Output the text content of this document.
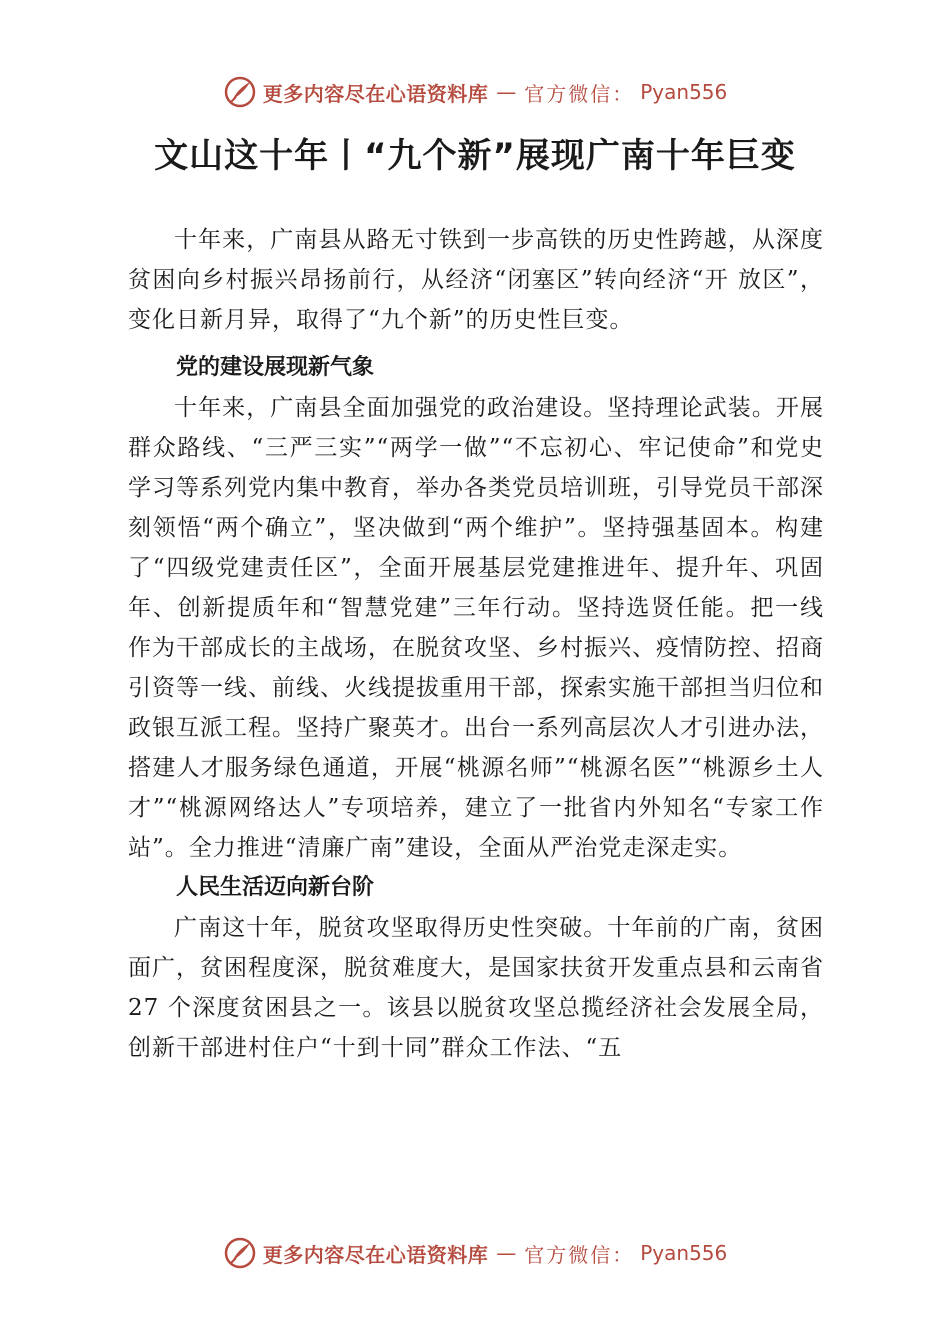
更多内容尽在心语资料库 — 官方微信： Pyan556
文山这十年丨“九个新”展现广南十年巨变

十年来，广南县从路无寸铁到一步高铁的历史性跨越，从深度贫困向乡村振兴昂扬前行，从经济“闭塞区”转向经济“开 放区”，变化日新月异，取得了“九个新”的历史性巨变。

党的建设展现新气象

十年来，广南县全面加强党的政治建设。坚持理论武装。开展群众路线、“三严三实”“两学一做”“不忘初心、牢记使命”和党史学习等系列党内集中教育，举办各类党员培训班，引导党员干部深刻领悟“两个确立”，坚决做到“两个维护”。坚持强基固本。构建了“四级党建责任区”，全面开展基层党建推进年、提升年、巩固年、创新提质年和“智慧党建”三年行动。坚持选贤任能。把一线作为干部成长的主战场，在脱贫攻坚、乡村振兴、疫情防控、招商引资等一线、前线、火线提拔重用干部，探索实施干部担当归位和政银互派工程。坚持广聚英才。出台一系列高层次人才引进办法，搭建人才服务绿色通道，开展“桃源名师”“桃源名医”“桃源乡土人才”“桃源网络达人”专项培养，建立了一批省内外知名“专家工作站”。全力推进“清廉广南”建设，全面从严治党走深走实。

人民生活迈向新台阶

广南这十年，脱贫攻坚取得历史性突破。十年前的广南，贫困面广，贫困程度深，脱贫难度大，是国家扶贫开发重点县和云南省 27 个深度贫困县之一。该县以脱贫攻坚总揽经济社会发展全局，创新干部进村住户“十到十同”群众工作法、“五

更多内容尽在心语资料库 — 官方微信： Pyan556
